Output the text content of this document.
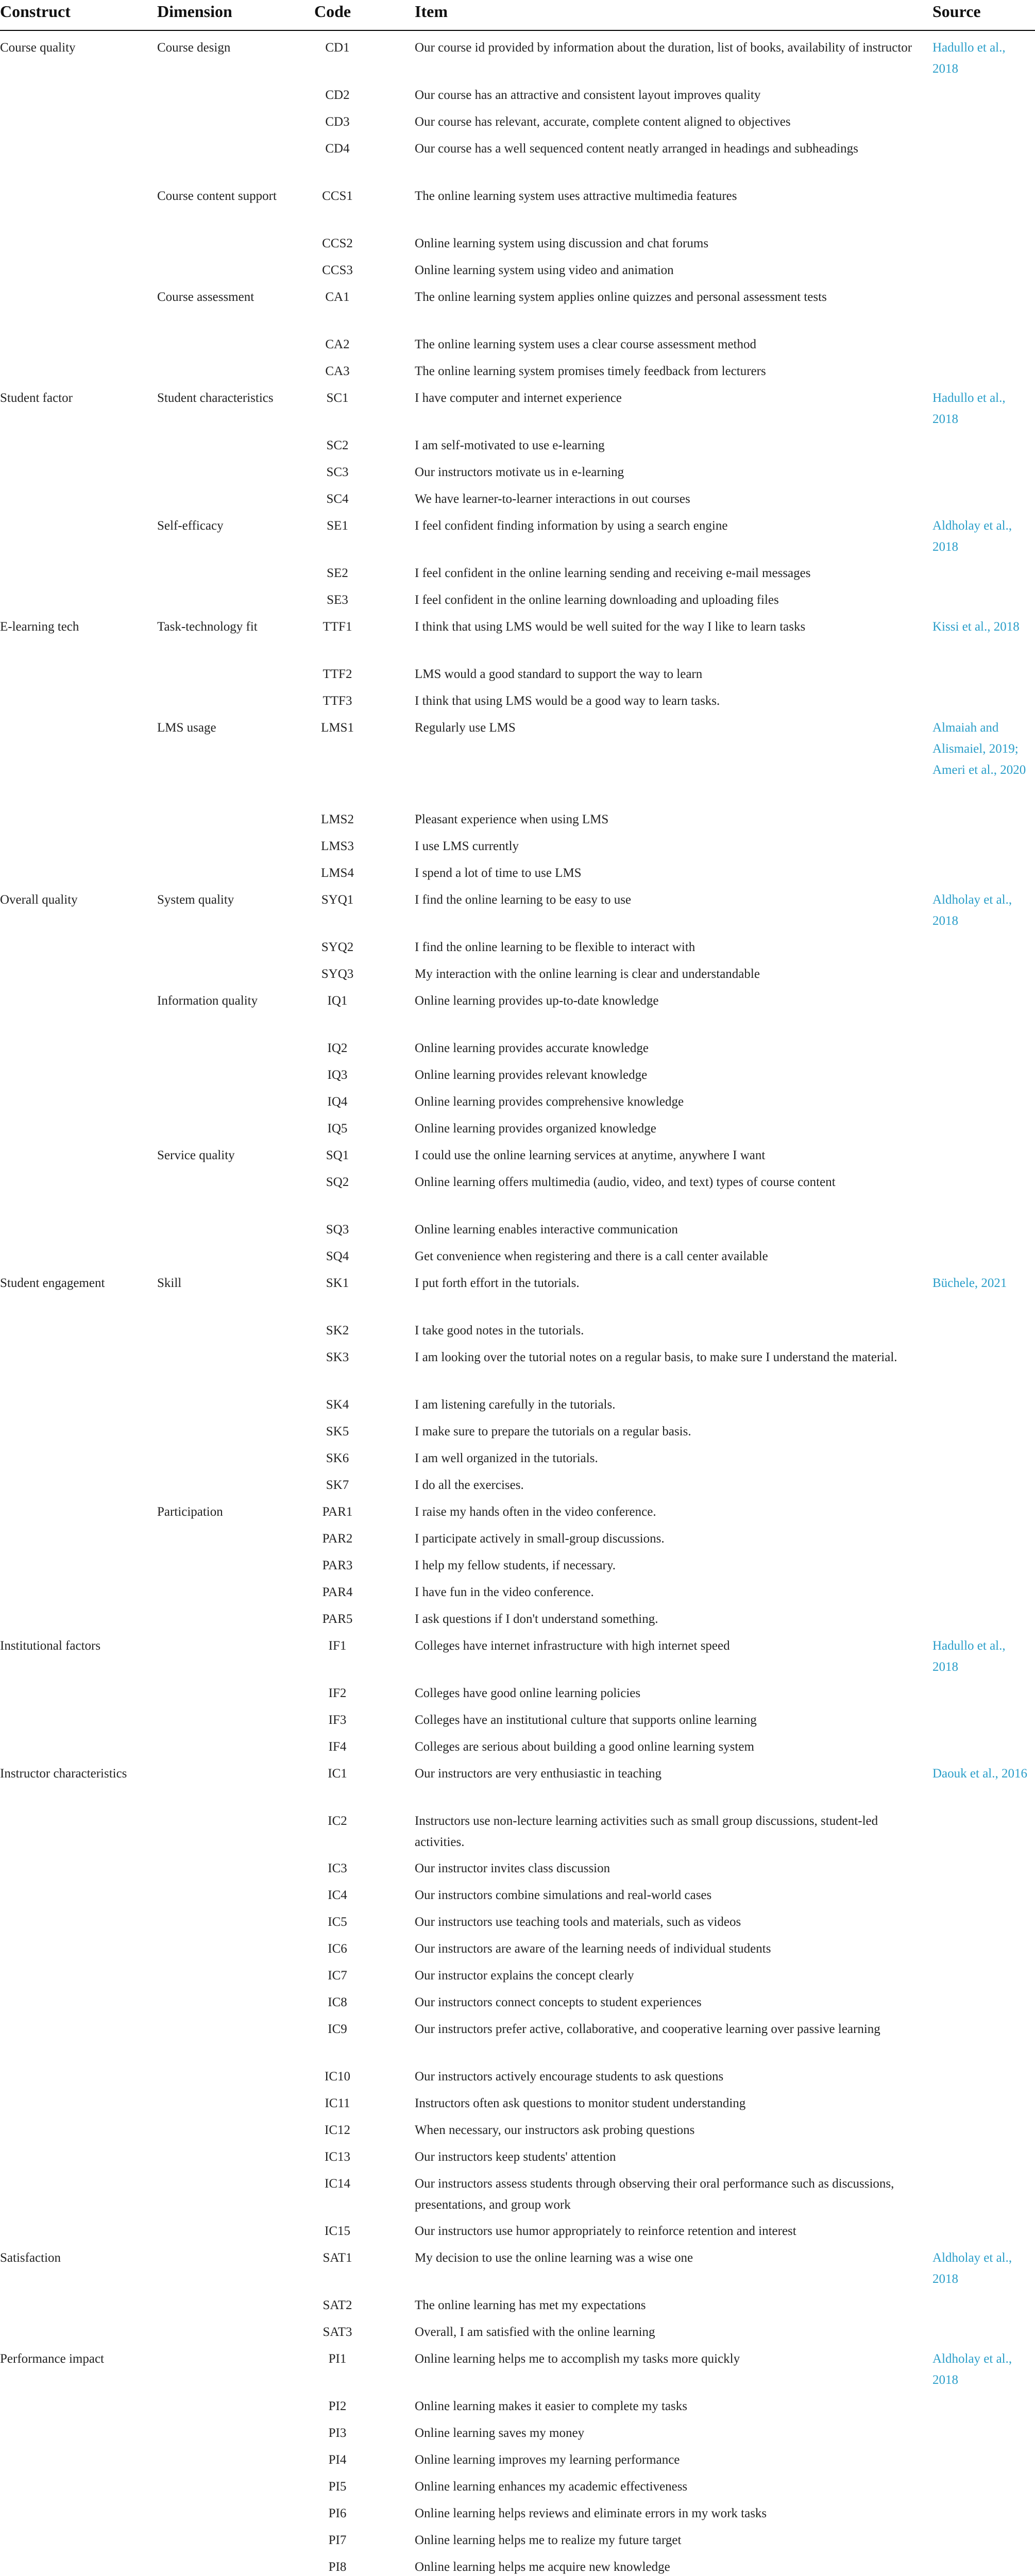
Construct	Dimension	Code	Item	Source
Course quality	Course design	CD1	Our course id provided by information about the duration, list of books, availability of instructor	Hadullo et al., 2018
CD2	Our course has an attractive and consistent layout improves quality
CD3	Our course has relevant, accurate, complete content aligned to objectives
CD4	Our course has a well sequenced content neatly arranged in headings and subheadings
Course content support	CCS1	The online learning system uses attractive multimedia features
CCS2	Online learning system using discussion and chat forums
CCS3	Online learning system using video and animation
Course assessment	CA1	The online learning system applies online quizzes and personal assessment tests
CA2	The online learning system uses a clear course assessment method
CA3	The online learning system promises timely feedback from lecturers
Student factor	Student characteristics	SC1	I have computer and internet experience	Hadullo et al., 2018
SC2	I am self-motivated to use e-learning
SC3	Our instructors motivate us in e-learning
SC4	We have learner-to-learner interactions in out courses
Self-efficacy	SE1	I feel confident finding information by using a search engine	Aldholay et al., 2018
SE2	I feel confident in the online learning sending and receiving e-mail messages
SE3	I feel confident in the online learning downloading and uploading files
E-learning tech	Task-technology fit	TTF1	I think that using LMS would be well suited for the way I like to learn tasks	Kissi et al., 2018
TTF2	LMS would a good standard to support the way to learn
TTF3	I think that using LMS would be a good way to learn tasks.
LMS usage	LMS1	Regularly use LMS	Almaiah and Alismaiel, 2019; Ameri et al., 2020
LMS2	Pleasant experience when using LMS
LMS3	I use LMS currently
LMS4	I spend a lot of time to use LMS
Overall quality	System quality	SYQ1	I find the online learning to be easy to use	Aldholay et al., 2018
SYQ2	I find the online learning to be flexible to interact with
SYQ3	My interaction with the online learning is clear and understandable
Information quality	IQ1	Online learning provides up-to-date knowledge
IQ2	Online learning provides accurate knowledge
IQ3	Online learning provides relevant knowledge
IQ4	Online learning provides comprehensive knowledge
IQ5	Online learning provides organized knowledge
Service quality	SQ1	I could use the online learning services at anytime, anywhere I want
SQ2	Online learning offers multimedia (audio, video, and text) types of course content
SQ3	Online learning enables interactive communication
SQ4	Get convenience when registering and there is a call center available
Student engagement	Skill	SK1	I put forth effort in the tutorials.	Büchele, 2021
SK2	I take good notes in the tutorials.
SK3	I am looking over the tutorial notes on a regular basis, to make sure I understand the material.
SK4	I am listening carefully in the tutorials.
SK5	I make sure to prepare the tutorials on a regular basis.
SK6	I am well organized in the tutorials.
SK7	I do all the exercises.
Participation	PAR1	I raise my hands often in the video conference.
PAR2	I participate actively in small-group discussions.
PAR3	I help my fellow students, if necessary.
PAR4	I have fun in the video conference.
PAR5	I ask questions if I don't understand something.
Institutional factors	IF1	Colleges have internet infrastructure with high internet speed	Hadullo et al., 2018
IF2	Colleges have good online learning policies
IF3	Colleges have an institutional culture that supports online learning
IF4	Colleges are serious about building a good online learning system
Instructor characteristics	IC1	Our instructors are very enthusiastic in teaching	Daouk et al., 2016
IC2	Instructors use non-lecture learning activities such as small group discussions, student-led activities.
IC3	Our instructor invites class discussion
IC4	Our instructors combine simulations and real-world cases
IC5	Our instructors use teaching tools and materials, such as videos
IC6	Our instructors are aware of the learning needs of individual students
IC7	Our instructor explains the concept clearly
IC8	Our instructors connect concepts to student experiences
IC9	Our instructors prefer active, collaborative, and cooperative learning over passive learning
IC10	Our instructors actively encourage students to ask questions
IC11	Instructors often ask questions to monitor student understanding
IC12	When necessary, our instructors ask probing questions
IC13	Our instructors keep students' attention
IC14	Our instructors assess students through observing their oral performance such as discussions, presentations, and group work
IC15	Our instructors use humor appropriately to reinforce retention and interest
Satisfaction	SAT1	My decision to use the online learning was a wise one	Aldholay et al., 2018
SAT2	The online learning has met my expectations
SAT3	Overall, I am satisfied with the online learning
Performance impact	PI1	Online learning helps me to accomplish my tasks more quickly	Aldholay et al., 2018
PI2	Online learning makes it easier to complete my tasks
PI3	Online learning saves my money
PI4	Online learning improves my learning performance
PI5	Online learning enhances my academic effectiveness
PI6	Online learning helps reviews and eliminate errors in my work tasks
PI7	Online learning helps me to realize my future target
PI8	Online learning helps me acquire new knowledge
